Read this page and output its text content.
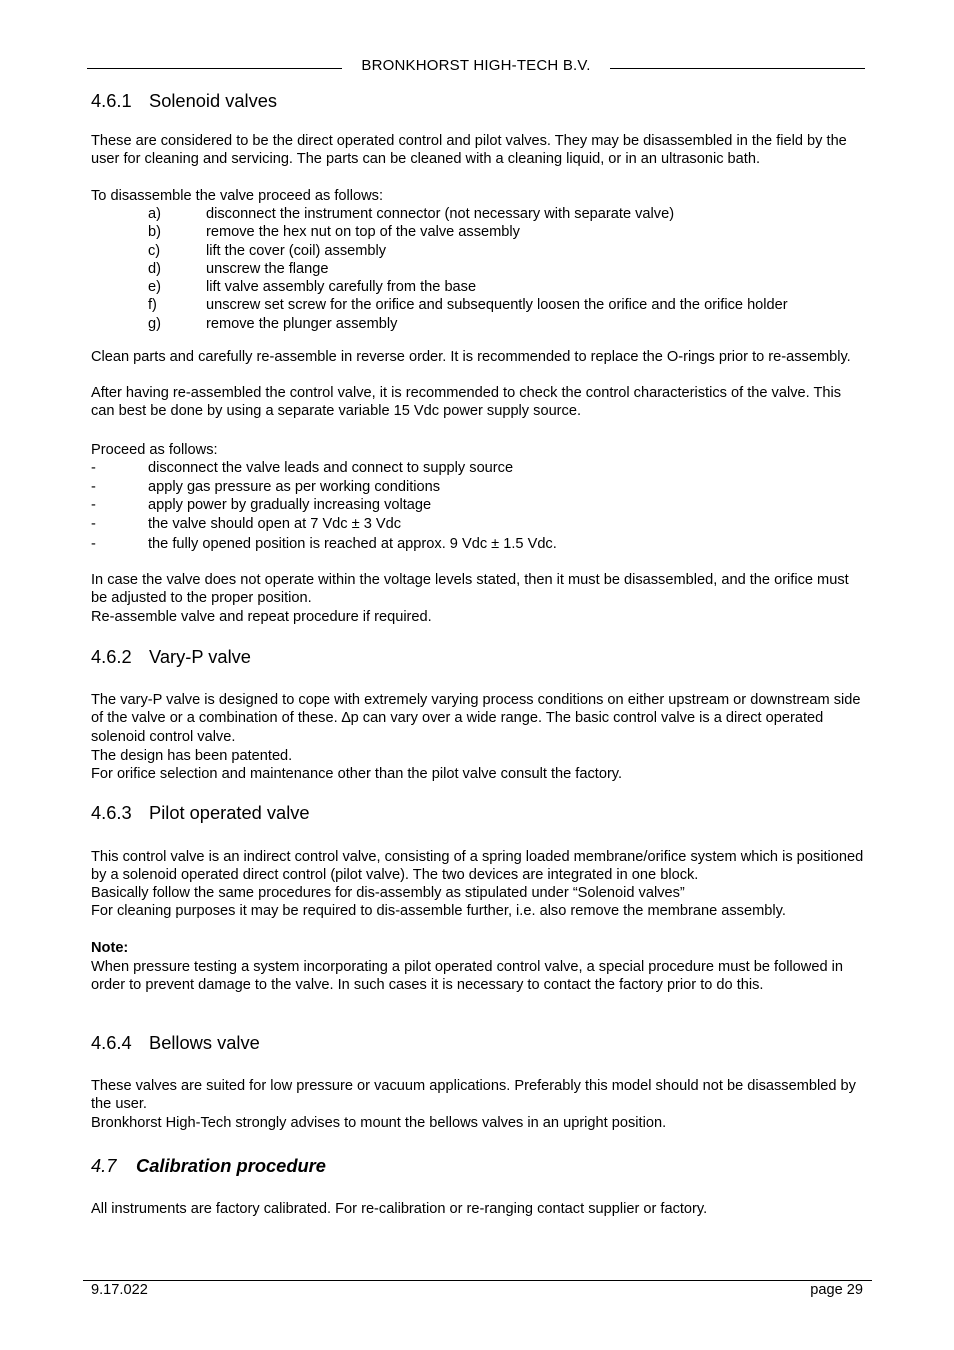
BRONKHORST HIGH-TECH B.V.
4.6.1 Solenoid valves
These are considered to be the direct operated control and pilot valves. They may be disassembled in the field by the user for cleaning and servicing. The parts can be cleaned with a cleaning liquid, or in an ultrasonic bath.
To disassemble the valve proceed as follows:
a)	disconnect the instrument connector (not necessary with separate valve)
b)	remove the hex nut on top of the valve assembly
c)	lift the cover (coil) assembly
d)	unscrew the flange
e)	lift valve assembly carefully from the base
f)	unscrew set screw for the orifice and subsequently loosen the orifice and the orifice holder
g)	remove the plunger assembly
Clean parts and carefully re-assemble in reverse order. It is recommended to replace the O-rings prior to re-assembly.
After having re-assembled the control valve, it is recommended to check the control characteristics of the valve. This can best be done by using a separate variable 15 Vdc power supply source.
Proceed as follows:
-	disconnect the valve leads and connect to supply source
-	apply gas pressure as per working conditions
-	apply power by gradually increasing voltage
-	the valve should open at 7 Vdc ± 3 Vdc
-	the fully opened position is reached at approx. 9 Vdc ± 1.5 Vdc.
In case the valve does not operate within the voltage levels stated, then it must be disassembled, and the orifice must be adjusted to the proper position.
Re-assemble valve and repeat procedure if required.
4.6.2 Vary-P valve
The vary-P valve is designed to cope with extremely varying process conditions on either upstream or downstream side of the valve or a combination of these. ∆p can vary over a wide range. The basic control valve is a direct operated solenoid control valve.
The design has been patented.
For orifice selection and maintenance other than the pilot valve consult the factory.
4.6.3 Pilot operated valve
This control valve is an indirect control valve, consisting of a spring loaded membrane/orifice system which is positioned by a solenoid operated direct control (pilot valve). The two devices are integrated in one block.
Basically follow the same procedures for dis-assembly as stipulated under “Solenoid valves”
For cleaning purposes it may be required to dis-assemble further, i.e. also remove the membrane assembly.
Note:
When pressure testing a system incorporating a pilot operated control valve, a special procedure must be followed in order to prevent damage to the valve. In such cases it is necessary to contact the factory prior to do this.
4.6.4 Bellows valve
These valves are suited for low pressure or vacuum applications. Preferably this model should not be disassembled by the user.
Bronkhorst High-Tech strongly advises to mount the bellows valves in an upright position.
4.7 Calibration procedure
All instruments are factory calibrated. For re-calibration or re-ranging contact supplier or factory.
9.17.022	page 29
